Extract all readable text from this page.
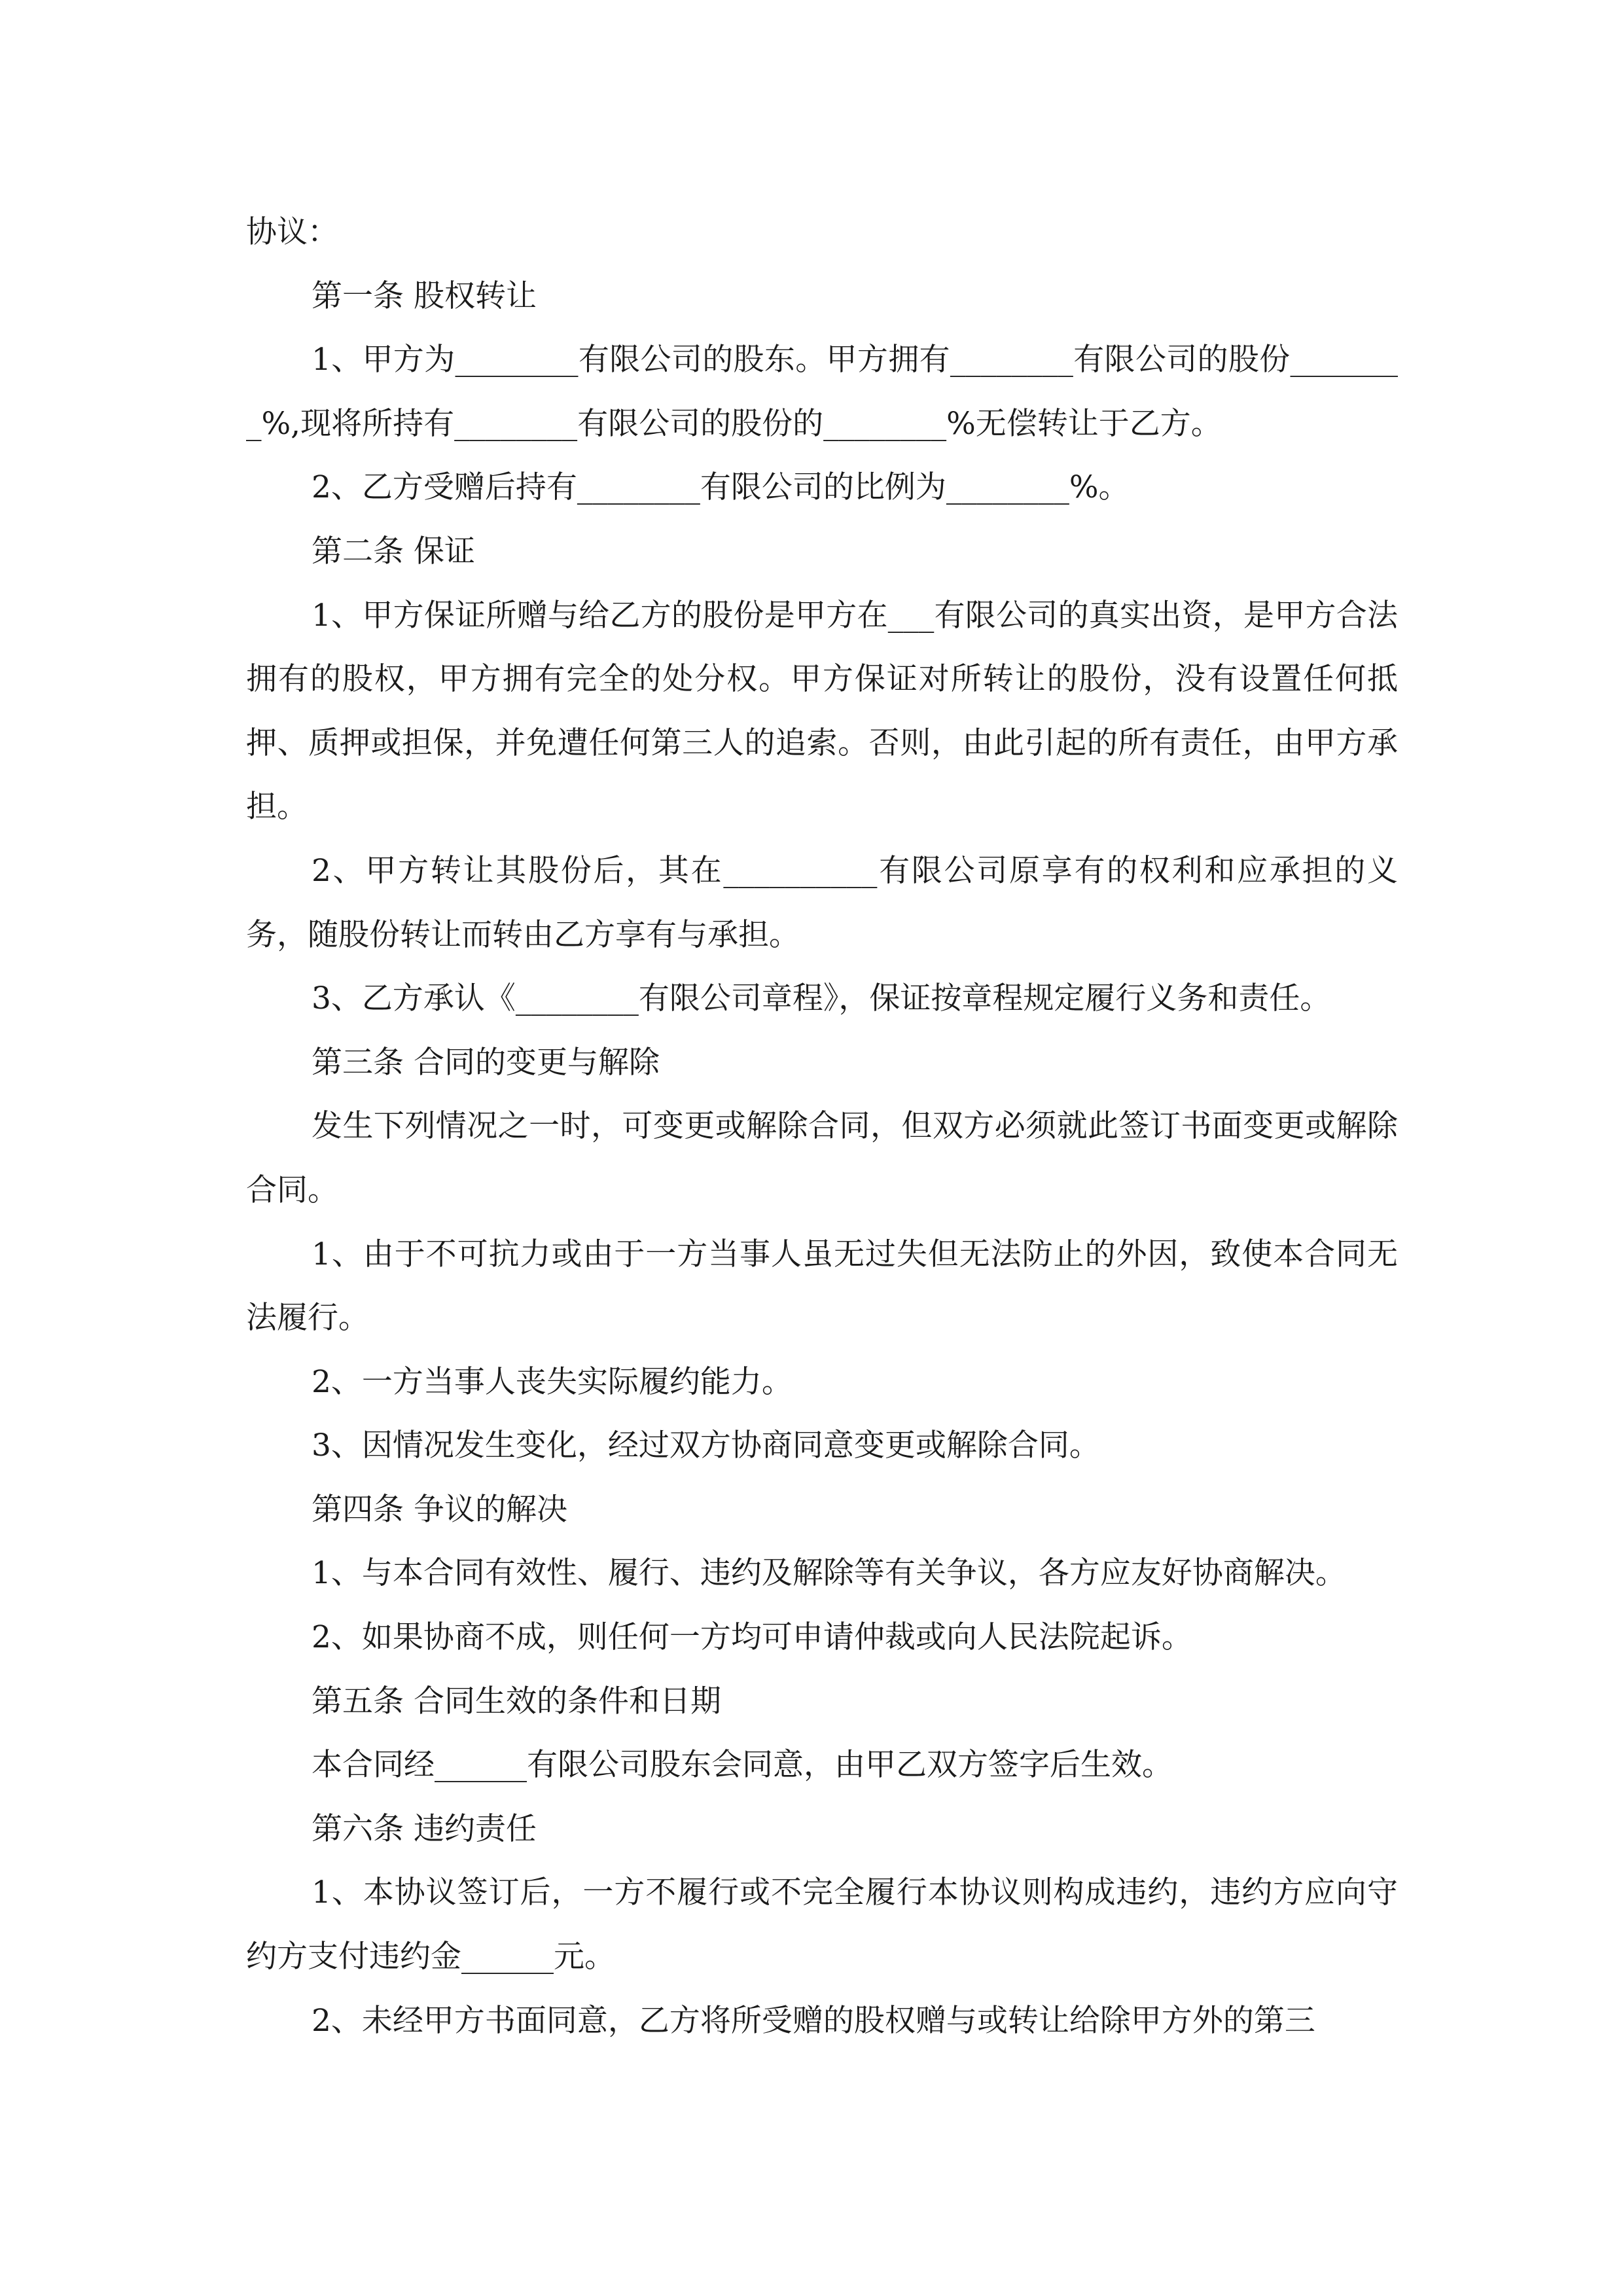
协议：

第一条 股权转让

1、甲方为________有限公司的股东。甲方拥有________有限公司的股份________%,现将所持有________有限公司的股份的________%无偿转让于乙方。

2、乙方受赠后持有________有限公司的比例为________%。

第二条 保证

1、甲方保证所赠与给乙方的股份是甲方在___有限公司的真实出资，是甲方合法拥有的股权，甲方拥有完全的处分权。甲方保证对所转让的股份，没有设置任何抵押、质押或担保，并免遭任何第三人的追索。否则，由此引起的所有责任，由甲方承担。

2、甲方转让其股份后，其在__________有限公司原享有的权利和应承担的义务，随股份转让而转由乙方享有与承担。

3、乙方承认《________有限公司章程》，保证按章程规定履行义务和责任。

第三条 合同的变更与解除

发生下列情况之一时，可变更或解除合同，但双方必须就此签订书面变更或解除合同。

1、由于不可抗力或由于一方当事人虽无过失但无法防止的外因，致使本合同无法履行。

2、一方当事人丧失实际履约能力。

3、因情况发生变化，经过双方协商同意变更或解除合同。

第四条 争议的解决

1、与本合同有效性、履行、违约及解除等有关争议，各方应友好协商解决。

2、如果协商不成，则任何一方均可申请仲裁或向人民法院起诉。

第五条 合同生效的条件和日期

本合同经______有限公司股东会同意，由甲乙双方签字后生效。

第六条 违约责任

1、本协议签订后，一方不履行或不完全履行本协议则构成违约，违约方应向守约方支付违约金______元。

2、未经甲方书面同意，乙方将所受赠的股权赠与或转让给除甲方外的第三
